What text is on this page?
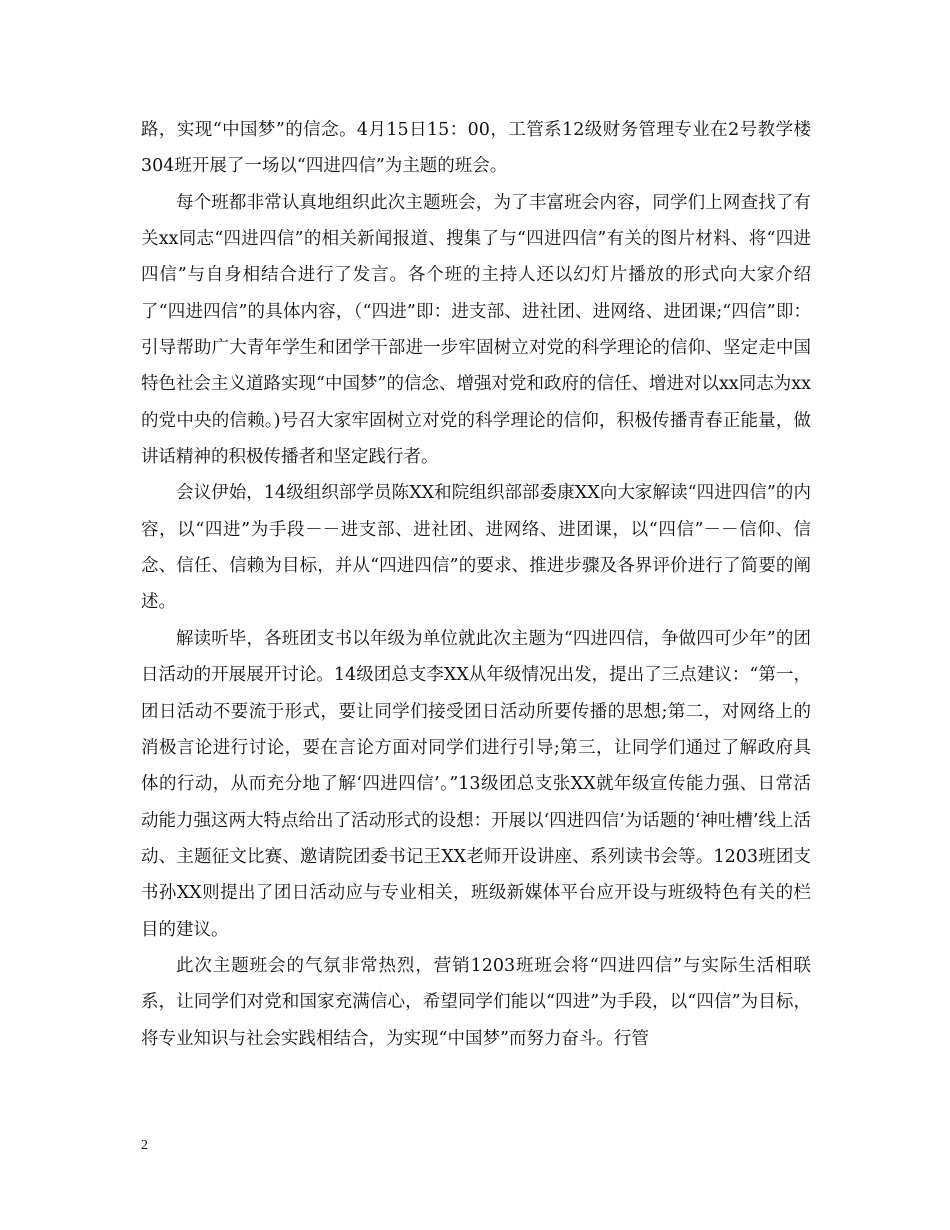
路，实现“中国梦”的信念。4月15日15：00，工管系12级财务管理专业在2号教学楼304班开展了一场以“四进四信”为主题的班会。

每个班都非常认真地组织此次主题班会，为了丰富班会内容，同学们上网查找了有关xx同志“四进四信”的相关新闻报道、搜集了与“四进四信”有关的图片材料、将“四进四信”与自身相结合进行了发言。各个班的主持人还以幻灯片播放的形式向大家介绍了“四进四信”的具体内容，（“四进”即：进支部、进社团、进网络、进团课;“四信”即：引导帮助广大青年学生和团学干部进一步牢固树立对党的科学理论的信仰、坚定走中国特色社会主义道路实现“中国梦”的信念、增强对党和政府的信任、增进对以xx同志为xx的党中央的信赖。)号召大家牢固树立对党的科学理论的信仰，积极传播青春正能量，做讲话精神的积极传播者和坚定践行者。

会议伊始，14级组织部学员陈XX和院组织部部委康XX向大家解读“四进四信”的内容，以“四进”为手段－－进支部、进社团、进网络、进团课，以“四信”－－信仰、信念、信任、信赖为目标，并从“四进四信”的要求、推进步骤及各界评价进行了简要的阐述。

解读听毕，各班团支书以年级为单位就此次主题为“四进四信，争做四可少年”的团日活动的开展展开讨论。14级团总支李XX从年级情况出发，提出了三点建议：“第一，团日活动不要流于形式，要让同学们接受团日活动所要传播的思想;第二，对网络上的消极言论进行讨论，要在言论方面对同学们进行引导;第三，让同学们通过了解政府具体的行动，从而充分地了解‘四进四信’。”13级团总支张XX就年级宣传能力强、日常活动能力强这两大特点给出了活动形式的设想：开展以‘四进四信’为话题的‘神吐槽’线上活动、主题征文比赛、邀请院团委书记王XX老师开设讲座、系列读书会等。1203班团支书孙XX则提出了团日活动应与专业相关，班级新媒体平台应开设与班级特色有关的栏目的建议。

此次主题班会的气氛非常热烈，营销1203班班会将“四进四信”与实际生活相联系，让同学们对党和国家充满信心，希望同学们能以“四进”为手段，以“四信”为目标，将专业知识与社会实践相结合，为实现“中国梦”而努力奋斗。行管

2
